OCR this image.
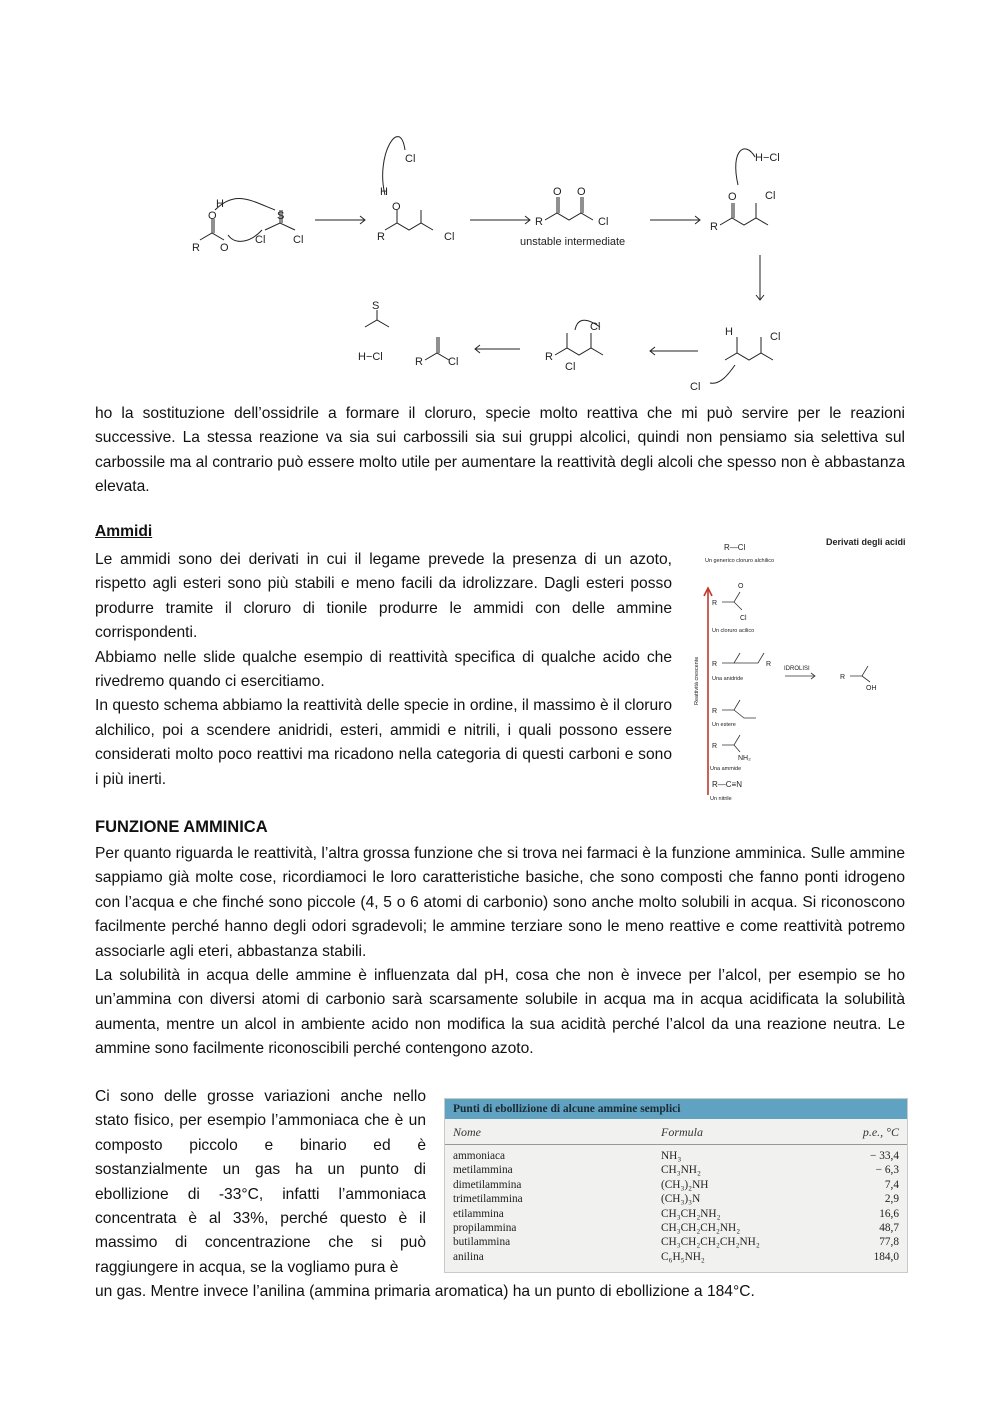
R O
O
H
Cl
S
Cl
Cl
R
H
O
Cl
R
O O
Cl
unstable intermediate
H−Cl
R
O	Cl
H	Cl
Cl
R
Cl
Cl
H−Cl	R Cl
S

ho la sostituzione dell’ossidrile a formare il cloruro, specie molto reattiva che mi può servire per le reazioni successive. La stessa reazione va sia sui carbossili sia sui gruppi alcolici, quindi non pensiamo sia selettiva sul carbossile ma al contrario può essere molto utile per aumentare la reattività degli alcoli che spesso non è abbastanza elevata.

Ammidi

Le ammidi sono dei derivati in cui il legame prevede la presenza di un azoto, rispetto agli esteri sono più stabili e meno facili da idrolizzare. Dagli esteri posso produrre tramite il cloruro di tionile produrre le ammidi con delle ammine corrispondenti.

Abbiamo nelle slide qualche esempio di reattività specifica di qualche acido che rivedremo quando ci esercitiamo.

In questo schema abbiamo la reattività delle specie in ordine, il massimo è il cloruro alchilico, poi a scendere anidridi, esteri, ammidi e nitrili, i quali possono essere considerati molto poco reattivi ma ricadono nella categoria di questi carboni e sono i più inerti.

Derivati degli acidi
R—Cl
Un generico cloruro alchilico
Reattività crescente
R
O
Cl
Un cloruro acilico
R	R
Una anidride
IDROLISI
R
OH
R
Un estere
R
NH₂
Una ammide
R—C≡N
Un nitrile
FUNZIONE AMMINICA

Per quanto riguarda le reattività, l’altra grossa funzione che si trova nei farmaci è la funzione amminica. Sulle ammine sappiamo già molte cose, ricordiamoci le loro caratteristiche basiche, che sono composti che fanno ponti idrogeno con l’acqua e che finché sono piccole (4, 5 o 6 atomi di carbonio) sono anche molto solubili in acqua. Si riconoscono facilmente perché hanno degli odori sgradevoli; le ammine terziare sono le meno reattive e come reattività potremo associarle agli eteri, abbastanza stabili.

La solubilità in acqua delle ammine è influenzata dal pH, cosa che non è invece per l’alcol, per esempio se ho un’ammina con diversi atomi di carbonio sarà scarsamente solubile in acqua ma in acqua acidificata la solubilità aumenta, mentre un alcol in ambiente acido non modifica la sua acidità perché l’alcol da una reazione neutra. Le ammine sono facilmente riconoscibili perché contengono azoto.

Ci sono delle grosse variazioni anche nello stato fisico, per esempio l’ammoniaca che è un composto piccolo e binario ed è sostanzialmente un gas ha un punto di ebollizione di -33°C, infatti l’ammoniaca concentrata è al 33%, perché questo è il massimo di concentrazione che si può raggiungere in acqua, se la vogliamo pura è
Punti di ebollizione di alcune ammine semplici
Nome	Formula	p.e., °C
ammoniaca	NH₃	− 33,4
metilammina	CH₃NH₂	− 6,3
dimetilammina	(CH₃)₂NH	7,4
trimetilammina	(CH₃)₃N	2,9
etilammina	CH₃CH₂NH₂	16,6
propilammina	CH₃CH₂CH₂NH₂	48,7
butilammina	CH₃CH₂CH₂CH₂NH₂	77,8
anilina	C₆H₅NH₂	184,0
un gas. Mentre invece l’anilina (ammina primaria aromatica) ha un punto di ebollizione a 184°C.
